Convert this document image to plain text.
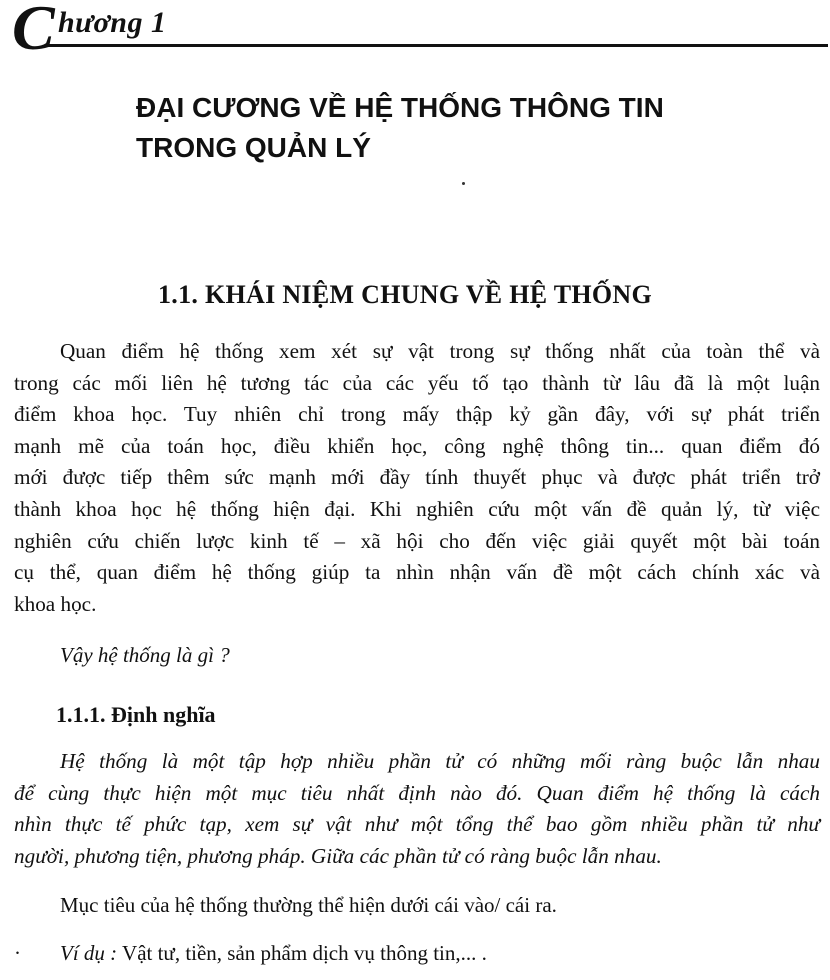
C hương 1
ĐẠI CƯƠNG VỀ HỆ THỐNG THÔNG TIN
TRONG QUẢN LÝ
1.1. KHÁI NIỆM CHUNG VỀ HỆ THỐNG
Quan điểm hệ thống xem xét sự vật trong sự thống nhất của toàn thể và
trong các mối liên hệ tương tác của các yếu tố tạo thành từ lâu đã là một luận
điểm khoa học. Tuy nhiên chỉ trong mấy thập kỷ gần đây, với sự phát triển
mạnh mẽ của toán học, điều khiển học, công nghệ thông tin... quan điểm đó
mới được tiếp thêm sức mạnh mới đầy tính thuyết phục và được phát triển trở
thành khoa học hệ thống hiện đại. Khi nghiên cứu một vấn đề quản lý, từ việc
nghiên cứu chiến lược kinh tế – xã hội cho đến việc giải quyết một bài toán
cụ thể, quan điểm hệ thống giúp ta nhìn nhận vấn đề một cách chính xác và
khoa học.
Vậy hệ thống là gì ?
1.1.1. Định nghĩa
Hệ thống là một tập hợp nhiều phần tử có những mối ràng buộc lẫn nhau
để cùng thực hiện một mục tiêu nhất định nào đó. Quan điểm hệ thống là cách
nhìn thực tế phức tạp, xem sự vật như một tổng thể bao gồm nhiều phần tử như
người, phương tiện, phương pháp. Giữa các phần tử có ràng buộc lẫn nhau.
Mục tiêu của hệ thống thường thể hiện dưới cái vào/ cái ra.
· Ví dụ : Vật tư, tiền, sản phẩm dịch vụ thông tin,... .
